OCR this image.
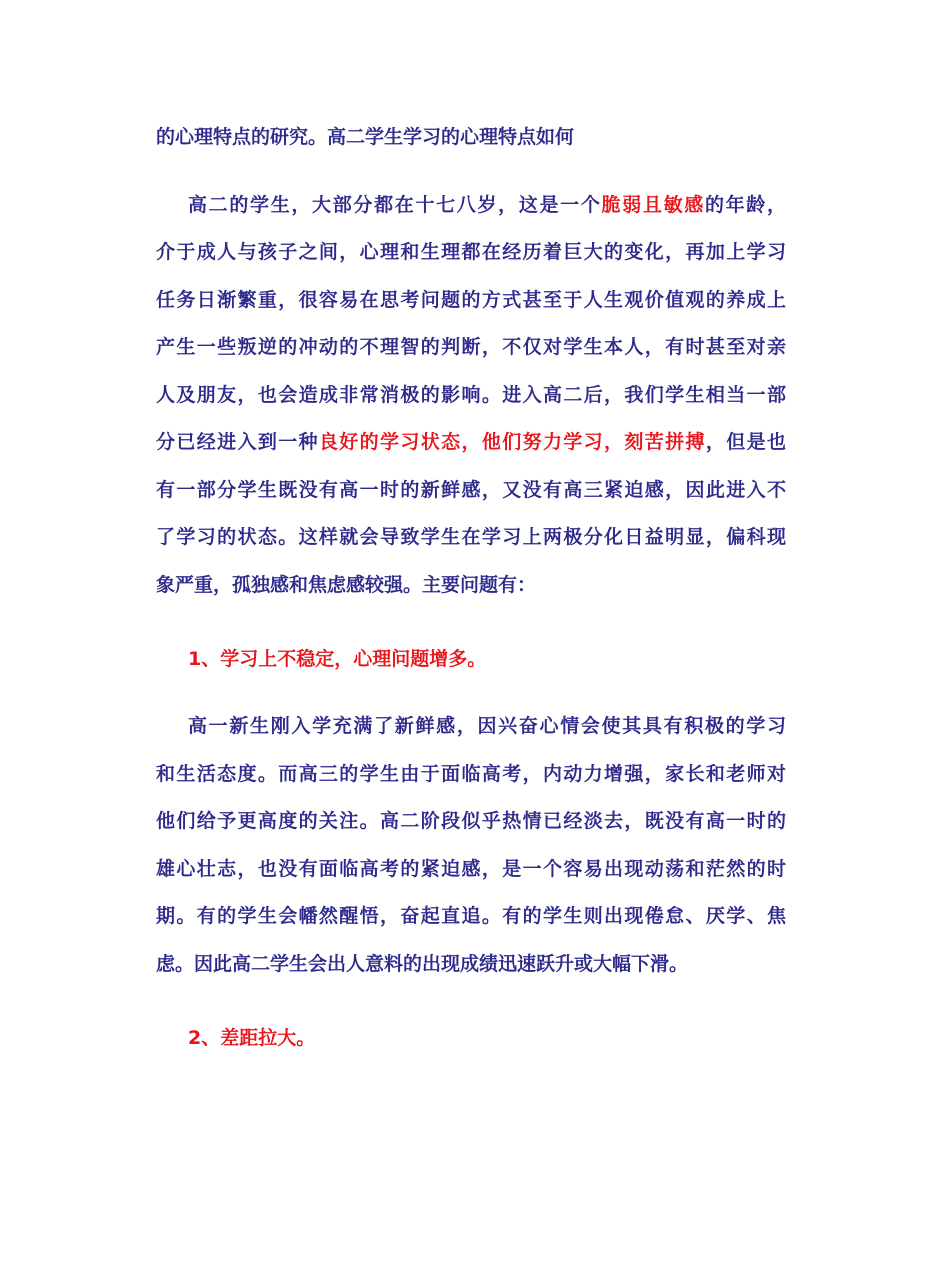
的心理特点的研究。高二学生学习的心理特点如何

高二的学生，大部分都在十七八岁，这是一个脆弱且敏感的年龄，

介于成人与孩子之间，心理和生理都在经历着巨大的变化，再加上学习

任务日渐繁重，很容易在思考问题的方式甚至于人生观价值观的养成上

产生一些叛逆的冲动的不理智的判断，不仅对学生本人，有时甚至对亲

人及朋友，也会造成非常消极的影响。进入高二后，我们学生相当一部

分已经进入到一种良好的学习状态，他们努力学习，刻苦拼搏，但是也

有一部分学生既没有高一时的新鲜感，又没有高三紧迫感，因此进入不

了学习的状态。这样就会导致学生在学习上两极分化日益明显，偏科现

象严重，孤独感和焦虑感较强。主要问题有：

1、学习上不稳定，心理问题增多。

高一新生刚入学充满了新鲜感，因兴奋心情会使其具有积极的学习

和生活态度。而高三的学生由于面临高考，内动力增强，家长和老师对

他们给予更高度的关注。高二阶段似乎热情已经淡去，既没有高一时的

雄心壮志，也没有面临高考的紧迫感，是一个容易出现动荡和茫然的时

期。有的学生会幡然醒悟，奋起直追。有的学生则出现倦怠、厌学、焦

虑。因此高二学生会出人意料的出现成绩迅速跃升或大幅下滑。

2、差距拉大。
